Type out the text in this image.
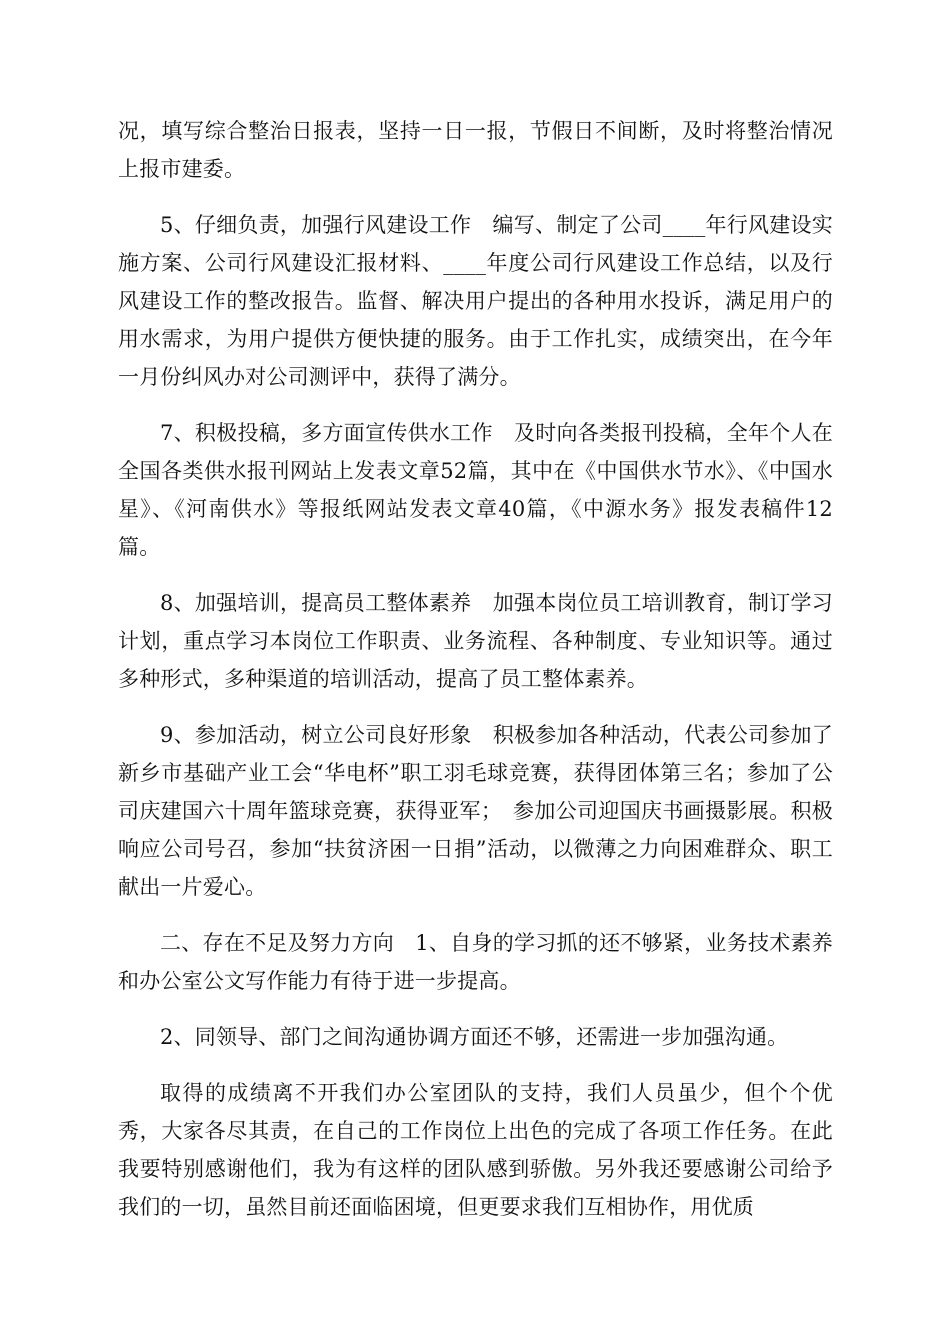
况，填写综合整治日报表，坚持一日一报，节假日不间断，及时将整治情况上报市建委。

5、仔细负责，加强行风建设工作　编写、制定了公司____年行风建设实施方案、公司行风建设汇报材料、____年度公司行风建设工作总结，以及行风建设工作的整改报告。监督、解决用户提出的各种用水投诉，满足用户的用水需求，为用户提供方便快捷的服务。由于工作扎实，成绩突出，在今年一月份纠风办对公司测评中，获得了满分。

7、积极投稿，多方面宣传供水工作　及时向各类报刊投稿，全年个人在全国各类供水报刊网站上发表文章52篇，其中在《中国供水节水》、《中国水星》、《河南供水》等报纸网站发表文章40篇，《中源水务》报发表稿件12篇。

8、加强培训，提高员工整体素养　加强本岗位员工培训教育，制订学习计划，重点学习本岗位工作职责、业务流程、各种制度、专业知识等。通过多种形式，多种渠道的培训活动，提高了员工整体素养。

9、参加活动，树立公司良好形象　积极参加各种活动，代表公司参加了新乡市基础产业工会“华电杯”职工羽毛球竞赛，获得团体第三名；参加了公司庆建国六十周年篮球竞赛，获得亚军；　参加公司迎国庆书画摄影展。积极响应公司号召，参加“扶贫济困一日捐”活动，以微薄之力向困难群众、职工献出一片爱心。

二、存在不足及努力方向　1、自身的学习抓的还不够紧，业务技术素养和办公室公文写作能力有待于进一步提高。

2、同领导、部门之间沟通协调方面还不够，还需进一步加强沟通。

取得的成绩离不开我们办公室团队的支持，我们人员虽少，但个个优秀，大家各尽其责，在自己的工作岗位上出色的完成了各项工作任务。在此我要特别感谢他们，我为有这样的团队感到骄傲。另外我还要感谢公司给予我们的一切，虽然目前还面临困境，但更要求我们互相协作，用优质
